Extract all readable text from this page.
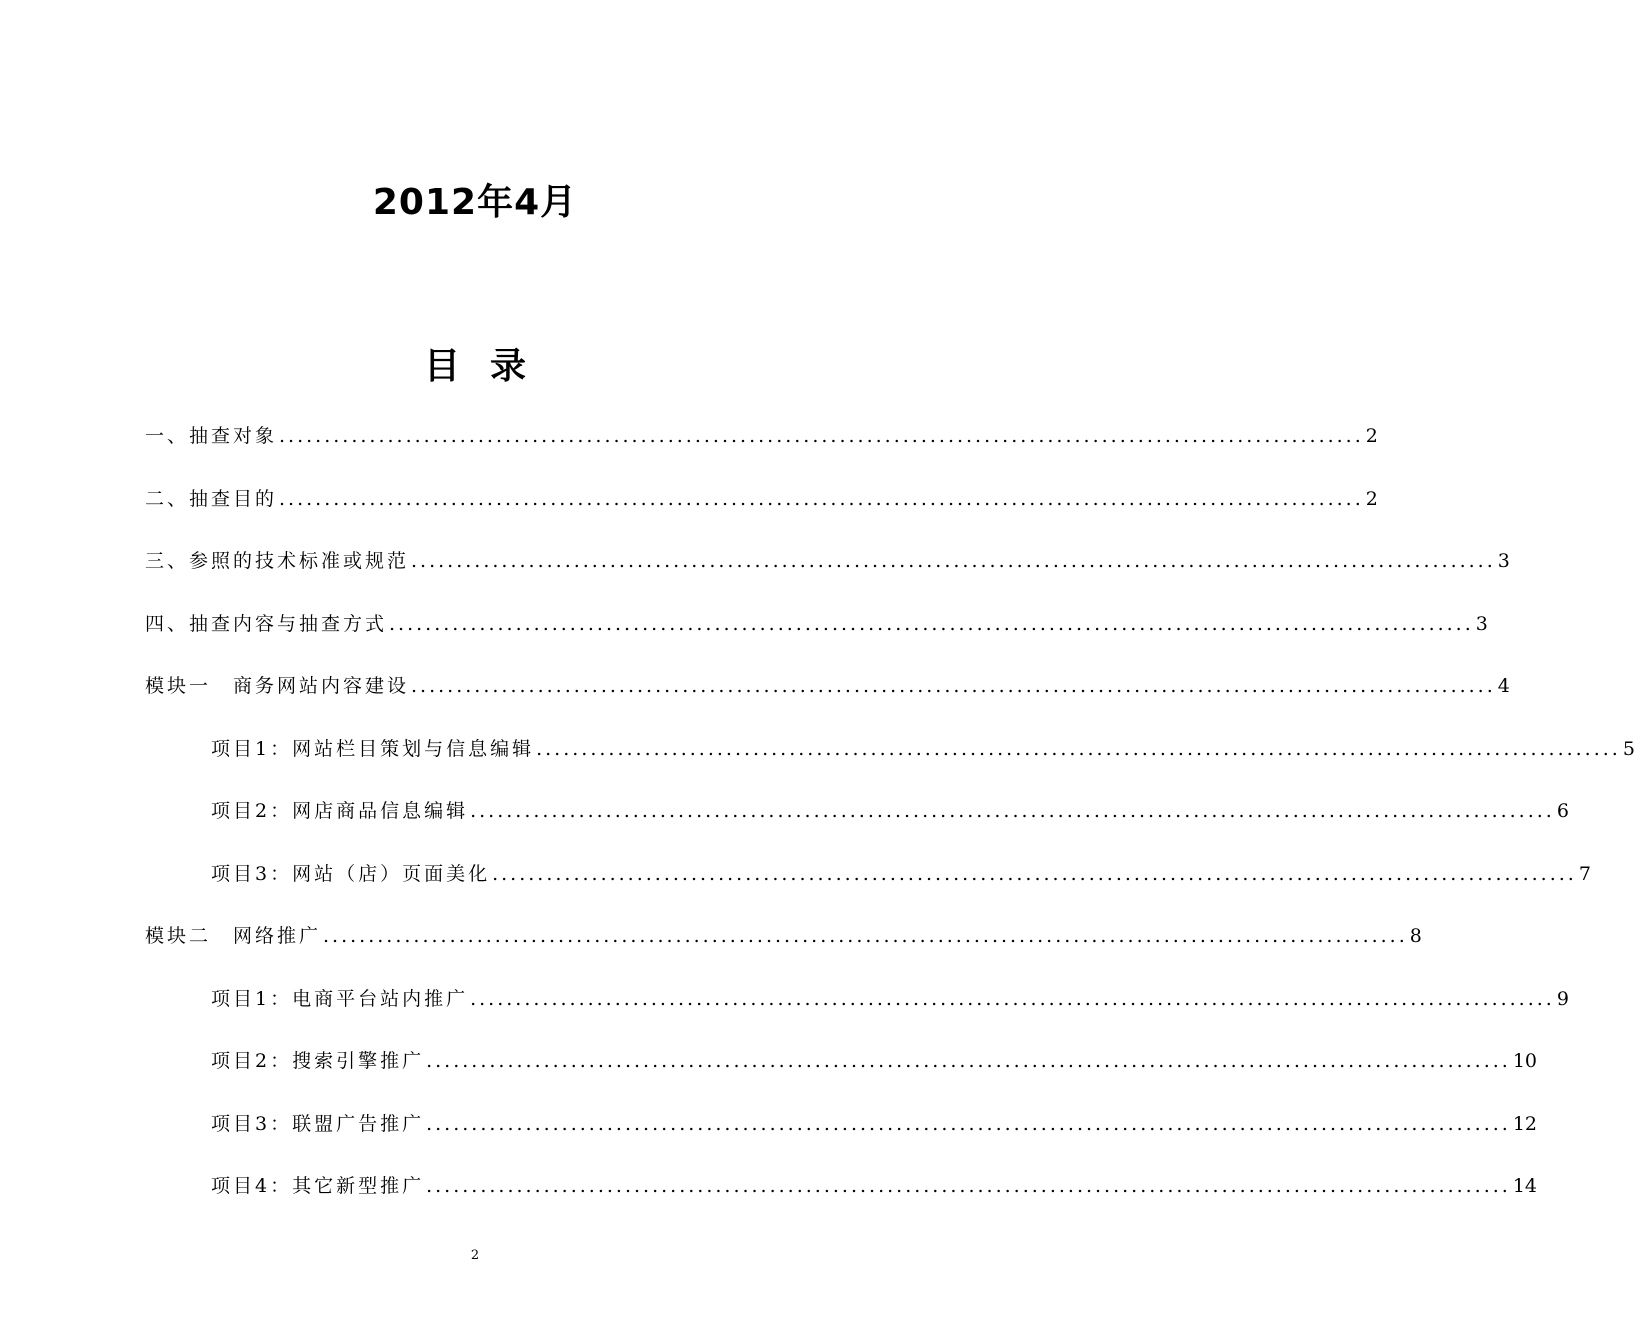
2012年4月
目录
一、抽查对象 ........................................................................................................................ 2
二、抽查目的 ........................................................................................................................ 2
三、参照的技术标准或规范 ........................................................................................................................ 3
四、抽查内容与抽查方式 ........................................................................................................................ 3
模块一　商务网站内容建设 ........................................................................................................................ 4
项目1：网站栏目策划与信息编辑 ........................................................................................................................ 5
项目2：网店商品信息编辑 ........................................................................................................................ 6
项目3：网站（店）页面美化 ........................................................................................................................ 7
模块二　网络推广 ........................................................................................................................ 8
项目1：电商平台站内推广 ........................................................................................................................ 9
项目2：搜索引擎推广 ........................................................................................................................ 10
项目3：联盟广告推广 ........................................................................................................................ 12
项目4：其它新型推广 ........................................................................................................................ 14
2
